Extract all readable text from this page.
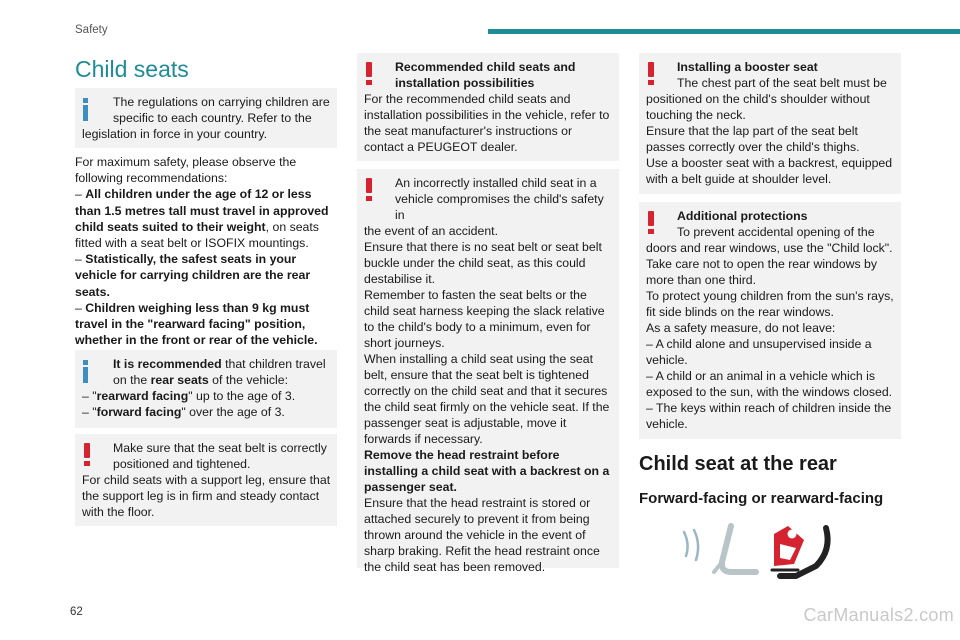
Safety
Child seats
The regulations on carrying children are
specific to each country. Refer to the
legislation in force in your country.
For maximum safety, please observe the
following recommendations:
– All children under the age of 12 or less than 1.5 metres tall must travel in approved child seats suited to their weight, on seats fitted with a seat belt or ISOFIX mountings.
– Statistically, the safest seats in your vehicle for carrying children are the rear seats.
– Children weighing less than 9 kg must travel in the "rearward facing" position, whether in the front or rear of the vehicle.
It is recommended that children travel
on the rear seats of the vehicle:
– "rearward facing" up to the age of 3.
– "forward facing" over the age of 3.
Make sure that the seat belt is correctly
positioned and tightened.
For child seats with a support leg, ensure that the support leg is in firm and steady contact with the floor.
Recommended child seats and
installation possibilities
For the recommended child seats and installation possibilities in the vehicle, refer to the seat manufacturer's instructions or contact a PEUGEOT dealer.
An incorrectly installed child seat in a
vehicle compromises the child's safety in
the event of an accident.
Ensure that there is no seat belt or seat belt buckle under the child seat, as this could destabilise it.
Remember to fasten the seat belts or the child seat harness keeping the slack relative to the child's body to a minimum, even for short journeys.
When installing a child seat using the seat belt, ensure that the seat belt is tightened correctly on the child seat and that it secures the child seat firmly on the vehicle seat. If the passenger seat is adjustable, move it forwards if necessary.
Remove the head restraint before installing a child seat with a backrest on a passenger seat.
Ensure that the head restraint is stored or attached securely to prevent it from being thrown around the vehicle in the event of sharp braking. Refit the head restraint once the child seat has been removed.
Installing a booster seat
The chest part of the seat belt must be
positioned on the child's shoulder without touching the neck.
Ensure that the lap part of the seat belt passes correctly over the child's thighs.
Use a booster seat with a backrest, equipped with a belt guide at shoulder level.
Additional protections
To prevent accidental opening of the
doors and rear windows, use the "Child lock".
Take care not to open the rear windows by more than one third.
To protect young children from the sun's rays, fit side blinds on the rear windows.
As a safety measure, do not leave:
– A child alone and unsupervised inside a vehicle.
– A child or an animal in a vehicle which is exposed to the sun, with the windows closed.
– The keys within reach of children inside the vehicle.
Child seat at the rear
Forward-facing or rearward-facing
62	CarManuals2.com
